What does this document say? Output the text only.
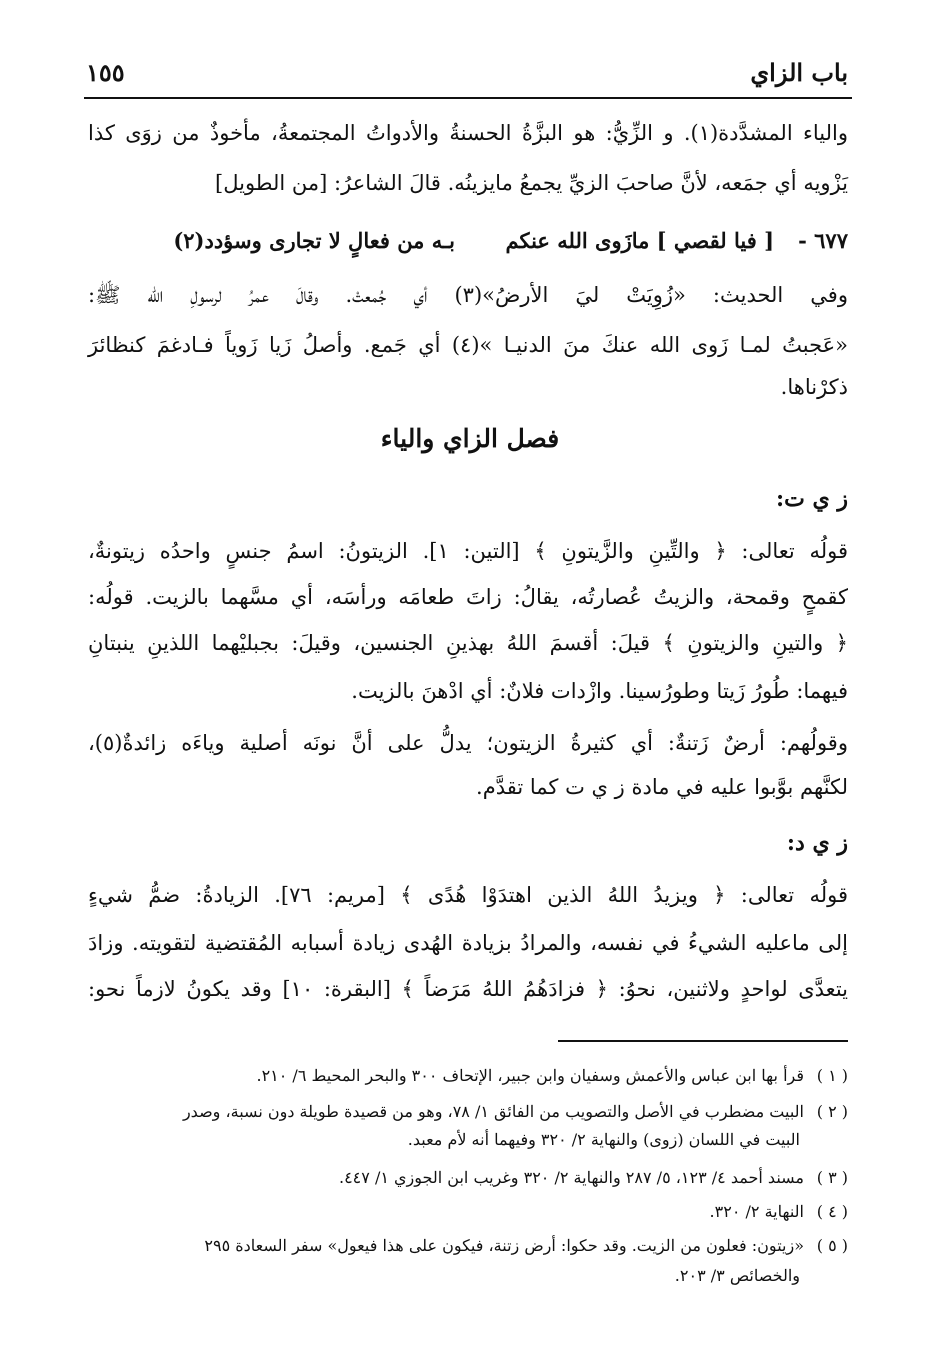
باب الزاي
١٥٥
والياء المشدَّدة(١). و الزِّيُّ: هو البزَّةُ الحسنةُ والأدواتُ المجتمعةُ، مأخوذٌ من زوَى كذا
يَزْويه أي جمَعه، لأنَّ صاحبَ الزيِّ يجمعُ مايزينُه. قالَ الشاعرُ: [من الطويل]
٦٧٧ -
[ فيا لقصي ] مازَوى الله عنكم
بـه من فعالٍ لا تجارى وسؤدد(٢)
وفي الحديث: «زُوِيَتْ ليَ الأرضُ»(٣) أي جُمعتْ. وقالَ عمرُ لرسولِ الله ﷺ:
«عَجبتُ لمـا زَوى الله عنكَ منَ الدنيـا »(٤) أي جَمع. وأصلُ زَيا زَوياً فـادغمَ كنظائرَ
ذكرْناها.
فصل الزاي والياء
ز ي ت:
قولُه تعالى: ﴿ والتِّينِ والزَّيتونِ ﴾ [التين: ١]. الزيتونُ: اسمُ جنسٍ واحدُه زيتونةٌ،
كقمحٍ وقمحة، والزيتُ عُصارتُه، يقالُ: زاتَ طعامَه ورأسَه، أي مسَّهما بالزيت. قولُه:
﴿ والتينِ والزيتونِ ﴾ قيلَ: أقسمَ اللهُ بهذينِ الجنسين، وقيلَ: بجبليْهما اللذينِ ينبتانِ
فيهما: طُورُ زَيتا وطورُسينا. وازْدات فلانٌ: أي ادْهنَ بالزيت.
وقولُهم: أرضٌ زَتنةٌ: أي كثيرةُ الزيتون؛ يدلُّ على أنَّ نونَه أصلية وياءَه زائدةٌ(٥)،
لكنَّهم بوَّبوا عليه في مادة ز ي ت كما تقدَّم.
ز ي د:
قولُه تعالى: ﴿ ويزيدُ اللهُ الذين اهتدَوْا هُدًى ﴾ [مريم: ٧٦]. الزيادةُ: ضمُّ شيءٍ
إلى ماعليه الشيءُ في نفسه، والمرادُ بزيادة الهُدى زيادة أسبابه المُقتضية لتقويته. وزادَ
يتعدَّى لواحدٍ ولاثنين، نحوُ: ﴿ فزادَهُمُ اللهُ مَرَضاً ﴾ [البقرة: ١٠] وقد يكونُ لازماً نحو:
( ١ )قرأ بها ابن عباس والأعمش وسفيان وابن جبير، الإتحاف ٣٠٠ والبحر المحيط ٦/ ٢١٠.
( ٢ )البيت مضطرب في الأصل والتصويب من الفائق ١/ ٧٨، وهو من قصيدة طويلة دون نسبة، وصدر
البيت في اللسان (زوى) والنهاية ٢/ ٣٢٠ وفيهما أنه لأم معبد.
( ٣ )مسند أحمد ٤/ ١٢٣، ٥/ ٢٨٧ والنهاية ٢/ ٣٢٠ وغريب ابن الجوزي ١/ ٤٤٧.
( ٤ )النهاية ٢/ ٣٢٠.
( ٥ )«زيتون: فعلون من الزيت. وقد حكوا: أرض زتنة، فيكون على هذا فيعول» سفر السعادة ٢٩٥
والخصائص ٣/ ٢٠٣.
